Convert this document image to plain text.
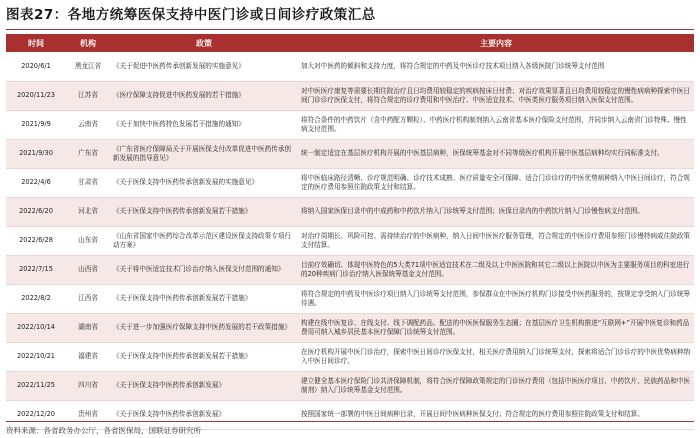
图表27：各地方统筹医保支持中医门诊或日间诊疗政策汇总
时间	机构	政策	主要内容
2020/6/1	黑龙江省	《关于促进中医药传承创新发展的实施意见》	加大对中医药的倾斜和支持力度，将符合规定的中药及中医诊疗技术项目纳入各级医院门诊统筹支付范围
2020/11/23	江苏省	《医疗保障支持促进中医药发展的若干措施》	对中医医疗康复等需要长期住院治疗且日均费用较稳定的疾病按床日付费；对治疗效果显著且日均费用较稳定的慢性病病种探索中医日间门诊诊疗医保支付，将符合规定的诊疗费用和中医治疗、中医适宜技术、中医类医疗服务项目纳入医保支付范围。
2021/9/9	云南省	《关于加快中医药特色发展若干措施的通知》	将符合条件的中药饮片（含中药配方颗粒）、中药医疗机构制剂纳入云南省基本医疗保险支付范围，并同步纳入云南省门诊特殊、慢性病支付范围。
2021/9/30	广东省	《广东省医疗保障局关于开展医保支付改革促进中医药传承创新发展的指导意见》	统一制定适宜在基层医疗机构开展的中医基层病种，医保统筹基金对不同等级医疗机构开展中医基层病种均实行同标准支付。
2022/4/6	甘肃省	《关于医保支持中医药传承创新发展的实施意见》	将中医临床路径清晰、诊疗规范明确、诊疗技术成熟、医疗质量安全可保障、适合门诊诊疗的中医优势病种纳入中医日间诊疗，符合规定的医疗费用参照住院政策支付和结算。
2022/6/20	河北省	《关于医保支持中医药传承创新发展若干措施》	将纳入国家医保目录中的中成药和中药饮片纳入门诊统筹支付范围；医保目录内的中药饮片纳入门诊慢性病支付范围。
2022/6/28	山东省	《山东省国家中医药综合改革示范区建设医保支持政策专项行动方案》	对治疗周期长、风险可控、需持续治疗的中医病种，纳入日间中医医疗服务管理，符合规定的中医诊疗费用参照门诊慢特病或住院政策支付结算。
2022/7/15	山西省	《关于将中医适宜技术门诊治疗纳入医保支付范围的通知》	目前疗效确切、体现中医特色的5大类71项中医适宜技术在二级及以上中医医院和其它二级以上医院以中医为主要服务项目的科室进行的20种疾病门诊治疗纳入医保统筹基金支付范围。
2022/8/2	江西省	《关于医保支持中医药传承创新发展若干措施》	将符合规定的中药及中医诊疗项目纳入门诊统筹支付范围，参保群众在中医医疗机构门诊接受中医药服务的，按规定享受纳入门诊统筹待遇。
2022/10/14	湖南省	《关于进一步加强医疗保障支持中医药发展的若干政策措施》	构建在线中医复诊、在线支付、线下调配药品、配送的中医医保服务生态圈；在基层医疗卫生机构推进“互联网+”开展中医复诊和药品费用可纳入城乡居民基本医疗保障门诊统筹支付范围。
2022/10/21	福建省	《关于医保支持中医药传承创新发展若干措施》	在医疗机构开展中医门诊治疗，探索中医日间诊疗医保支付，相关医疗费用纳入门诊统筹支付，探索将适合门诊诊疗的中医优势病种纳入中医日间诊疗。
2022/11/25	四川省	《关于医保支持中医药传承创新发展》	建立健全基本医疗保险门诊共济保障机制，将符合医疗保障政策规定的门诊医疗费用（包括中医医疗项目、中药饮片、民族药品和中医制剂）纳入门诊统筹基金支付范围。
2022/12/20	贵州省	《关于医保支持中医药传承创新发展》	按照国家统一部署的中医日间病种目录，开展日间中医病种医保支付；符合规定的医疗费用参照住院政策支付和结算。
资料来源：各省政务办公厅，各省医保局，国联证券研究所
